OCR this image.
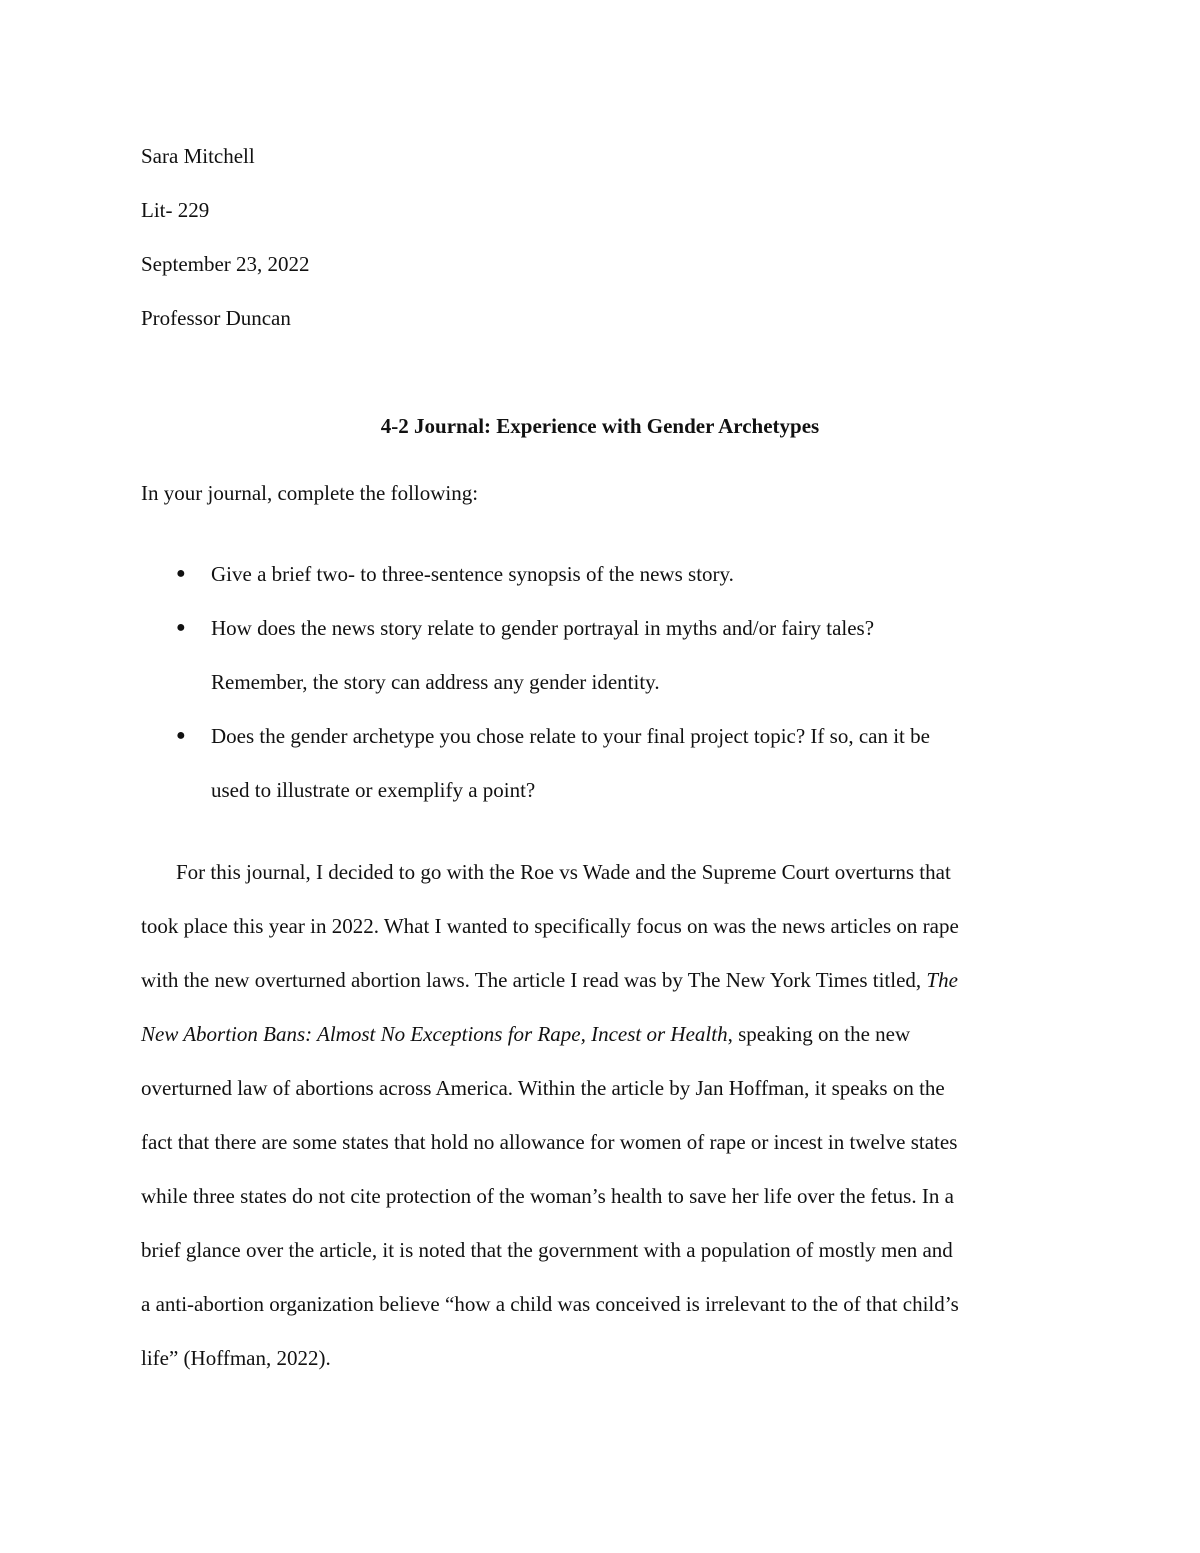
Sara Mitchell
Lit- 229
September 23, 2022
Professor Duncan
4-2 Journal: Experience with Gender Archetypes
In your journal, complete the following:
● Give a brief two- to three-sentence synopsis of the news story.
● How does the news story relate to gender portrayal in myths and/or fairy tales?
Remember, the story can address any gender identity.
● Does the gender archetype you chose relate to your final project topic? If so, can it be
used to illustrate or exemplify a point?
For this journal, I decided to go with the Roe vs Wade and the Supreme Court overturns that
took place this year in 2022. What I wanted to specifically focus on was the news articles on rape
with the new overturned abortion laws. The article I read was by The New York Times titled, The
New Abortion Bans: Almost No Exceptions for Rape, Incest or Health, speaking on the new
overturned law of abortions across America. Within the article by Jan Hoffman, it speaks on the
fact that there are some states that hold no allowance for women of rape or incest in twelve states
while three states do not cite protection of the woman’s health to save her life over the fetus. In a
brief glance over the article, it is noted that the government with a population of mostly men and
a anti-abortion organization believe “how a child was conceived is irrelevant to the of that child’s
life” (Hoffman, 2022).
